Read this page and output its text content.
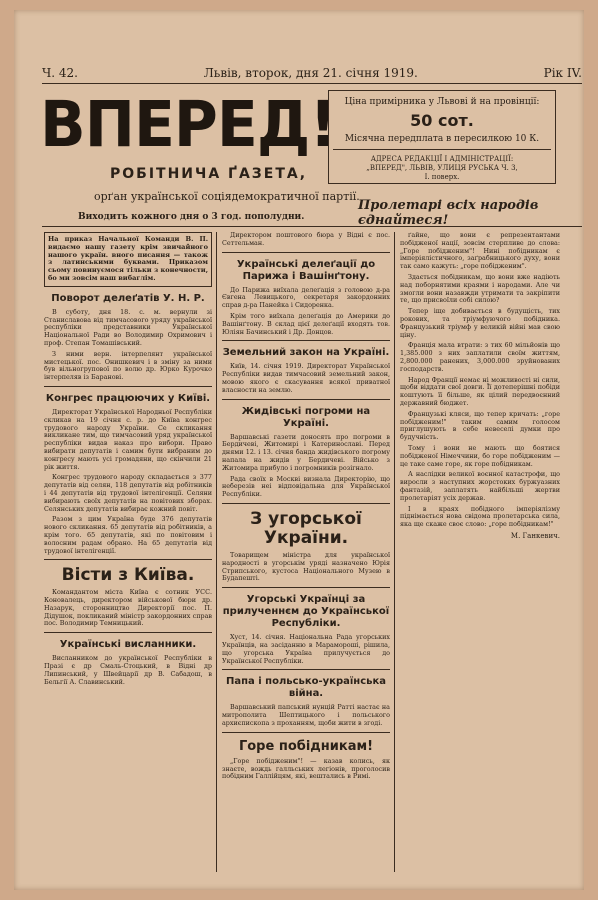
Ч. 42.	Львів, второк, дня 21. січня 1919.	Рік IV.
ВПЕРЕД!
РОБІТНИЧА ҐАЗЕТА,
орґан української соціядемократичної партії.
Виходить кожного дня о 3 год. пополудни.
Ціна примірника у Львові й на провінції:
50 сот.
Місячна передплата в пересилкою 10 К.
АДРЕСА РЕДАКЦІЇ І АДМІНІСТРАЦІЇ:
„ВПЕРЕД", ЛЬВІВ, УЛИЦЯ РУСЬКА Ч. 3,
I. поверх.
Пролетарі всіх народів єднайтеся!
На приказ Начальної Команди В. П. видаємо нашу газету крім звичайного нашого україн. вного писання — також з латинськими буквами. Приказом сьому повинуємося тільки з конечности, бо ми зовсім наш вибаглім.
Поворот делеґатів У. Н. Р.

В суботу, дня 18. с. м. вернули зі Станиславова від тимчасового уряду української республіки представники Української Національної Ради во Володимир Охримович і проф. Степан Томашівський.

З ними верн. інтерпелянт української мистецької. пос. Онишкевич і в зміну за ними був вільногрупової по волю др. Юрко Курочко інтерпеляв із Баранові.

Конгрес працюючих у Київі.

Директорат Української Народньої Республіки скликав на 19 січня с. р. до Київа конгрес трудового народу України. Се скликання викликане тим, що тимчасовий уряд української республіки видав наказ про вибори. Право вибирати депутатів і самим бути вибраним до конгресу мають усі громадяни, що скінчили 21 рік життя.

Конгрес трудового народу складається з 377 депутатів від селян, 118 депутатів від робітників і 44 депутатів від трудової інтелігенції. Селяни вибирають своїх депутатів на повітових зборах. Селянських депутатів вибирає кожний повіт.

Разом з цим Україна буде 376 депутатів нового скликання. 65 депутатів від робітників, а крім того. 65 депутатів, які по повітовим і волосним радам обрано. На 65 депутатів від трудової інтелігенції.

Вісти з Київа.

Командантом міста Київа є сотник УСС. Коновалець, директором військової бюри др. Назарук, сторонництво Директорії пос. П. Дідушок, покликаний міністр закордонних справ пос. Володимир Темницький.

Українські висланники.

Висланником до української Республіки в Празі є др Смаль-Стоцький, в Відні др Липинський, у Швейцарії др В. Сабадош, в Бельгії А. Славинський.

Директором поштового бюра у Відні є пос. Сеттельман.

Українські делеґації до Парижа і Вашінґтону.

До Парижа виїхала делеґація з головою д-ра Євгена Левицького, секретаря закордонних справ д-ра Панейка і Сидоренка.

Крім того виїхала делеґація до Америки до Вашінґтону. В склад цієї делеґації входять тов. Юліян Бачинський і Др. Донцов.

Земельний закон на Україні.

Київ, 14. січня 1919. Директорат Української Республіки видав тимчасовий земельний закон, мовою якого є скасування всякої приватної власности на землю.

Жидівські погроми на Україні.

Варшавські газети доносять про погроми в Бердичеві, Житомирі і Катеринославі. Перед днями 12. і 13. січня банда жидівського погрому напала на жидів у Бердичеві. Військо з Житомира прибуло і погромників розігнало.

Рада своїх в Москві визнала Директорію, що неберезів неі відповідальна для Української Республіки.

З угорської України.

Товарищем міністра для української народності в угорськім уряді назначено Юрія Стрипського, кустоса Національного Музею в Будапешті.

Угорські Українці за прилученнєм до Української Республіки.

Хуст, 14. січня. Національна Рада угорських Українців, на засіданню в Марамороші, рішила, що угорська Україна прилучується до Української Республіки.

Папа і польсько-українська війна.

Варшавський папський нунцій Ратті настає на митрополита Шептицького і польського архиєпископа з проханням, щоби жити в згоді.

Горе побідникам!

„Горе побідженим"! — казав колись, як знаєте, вождь галльських легіонів, проголосив побідним Галлійцям, які, вештались в Римі.

ґайне, що вони є репрезентантами побідженої нації, зовсім стерпливе до слова: „Горе побідженим"! Нині побідникам є імперіялістичного, заґрабницького духу, вони так само кажуть: „горе побідженим".

Здається побідникам, що вони вже надіють над поборнятими краями і народами. Але чи змогли вони назавжди утримати та закріпити те, що присвоїли собі силою?

Тепер іще добивається в будущість, тих рокових, та тріумфуючого побідника. Французький тріумф у великій війні мав свою ціну.

Франція мала втрати: з тих 60 мільйонів що 1,385.000 з них заплатили своїм життям, 2,800.000 ранених, 3,000.000 зруйнованих господарств.

Народ Франції немає ні можливості ні сили, щоби віддати свої довги. Її дотеперішні побіди коштують її більше, як цілий передвоєнний державний бюджет.

Французькі кляси, що тепер кричать: „горе побідженим!" таким самим голосом приглушують в себе невеселі думки про будучність.

Тому і вони не мають що боятися побідженої Німеччини, бо горе побідженим — це таке саме горе, як горе побідникам.

А наслідки великої воєнної катастрофи, що виросли з наступних жорстоких буржуазних фантазій, заплатять найбільші жертви пролетаріят усіх держав.

І в краях побідного імперіялізму піднімається нова свідома пролетарська сила, яка ще скаже своє слово: „горе побідникам!"

М. Ганкевич.
